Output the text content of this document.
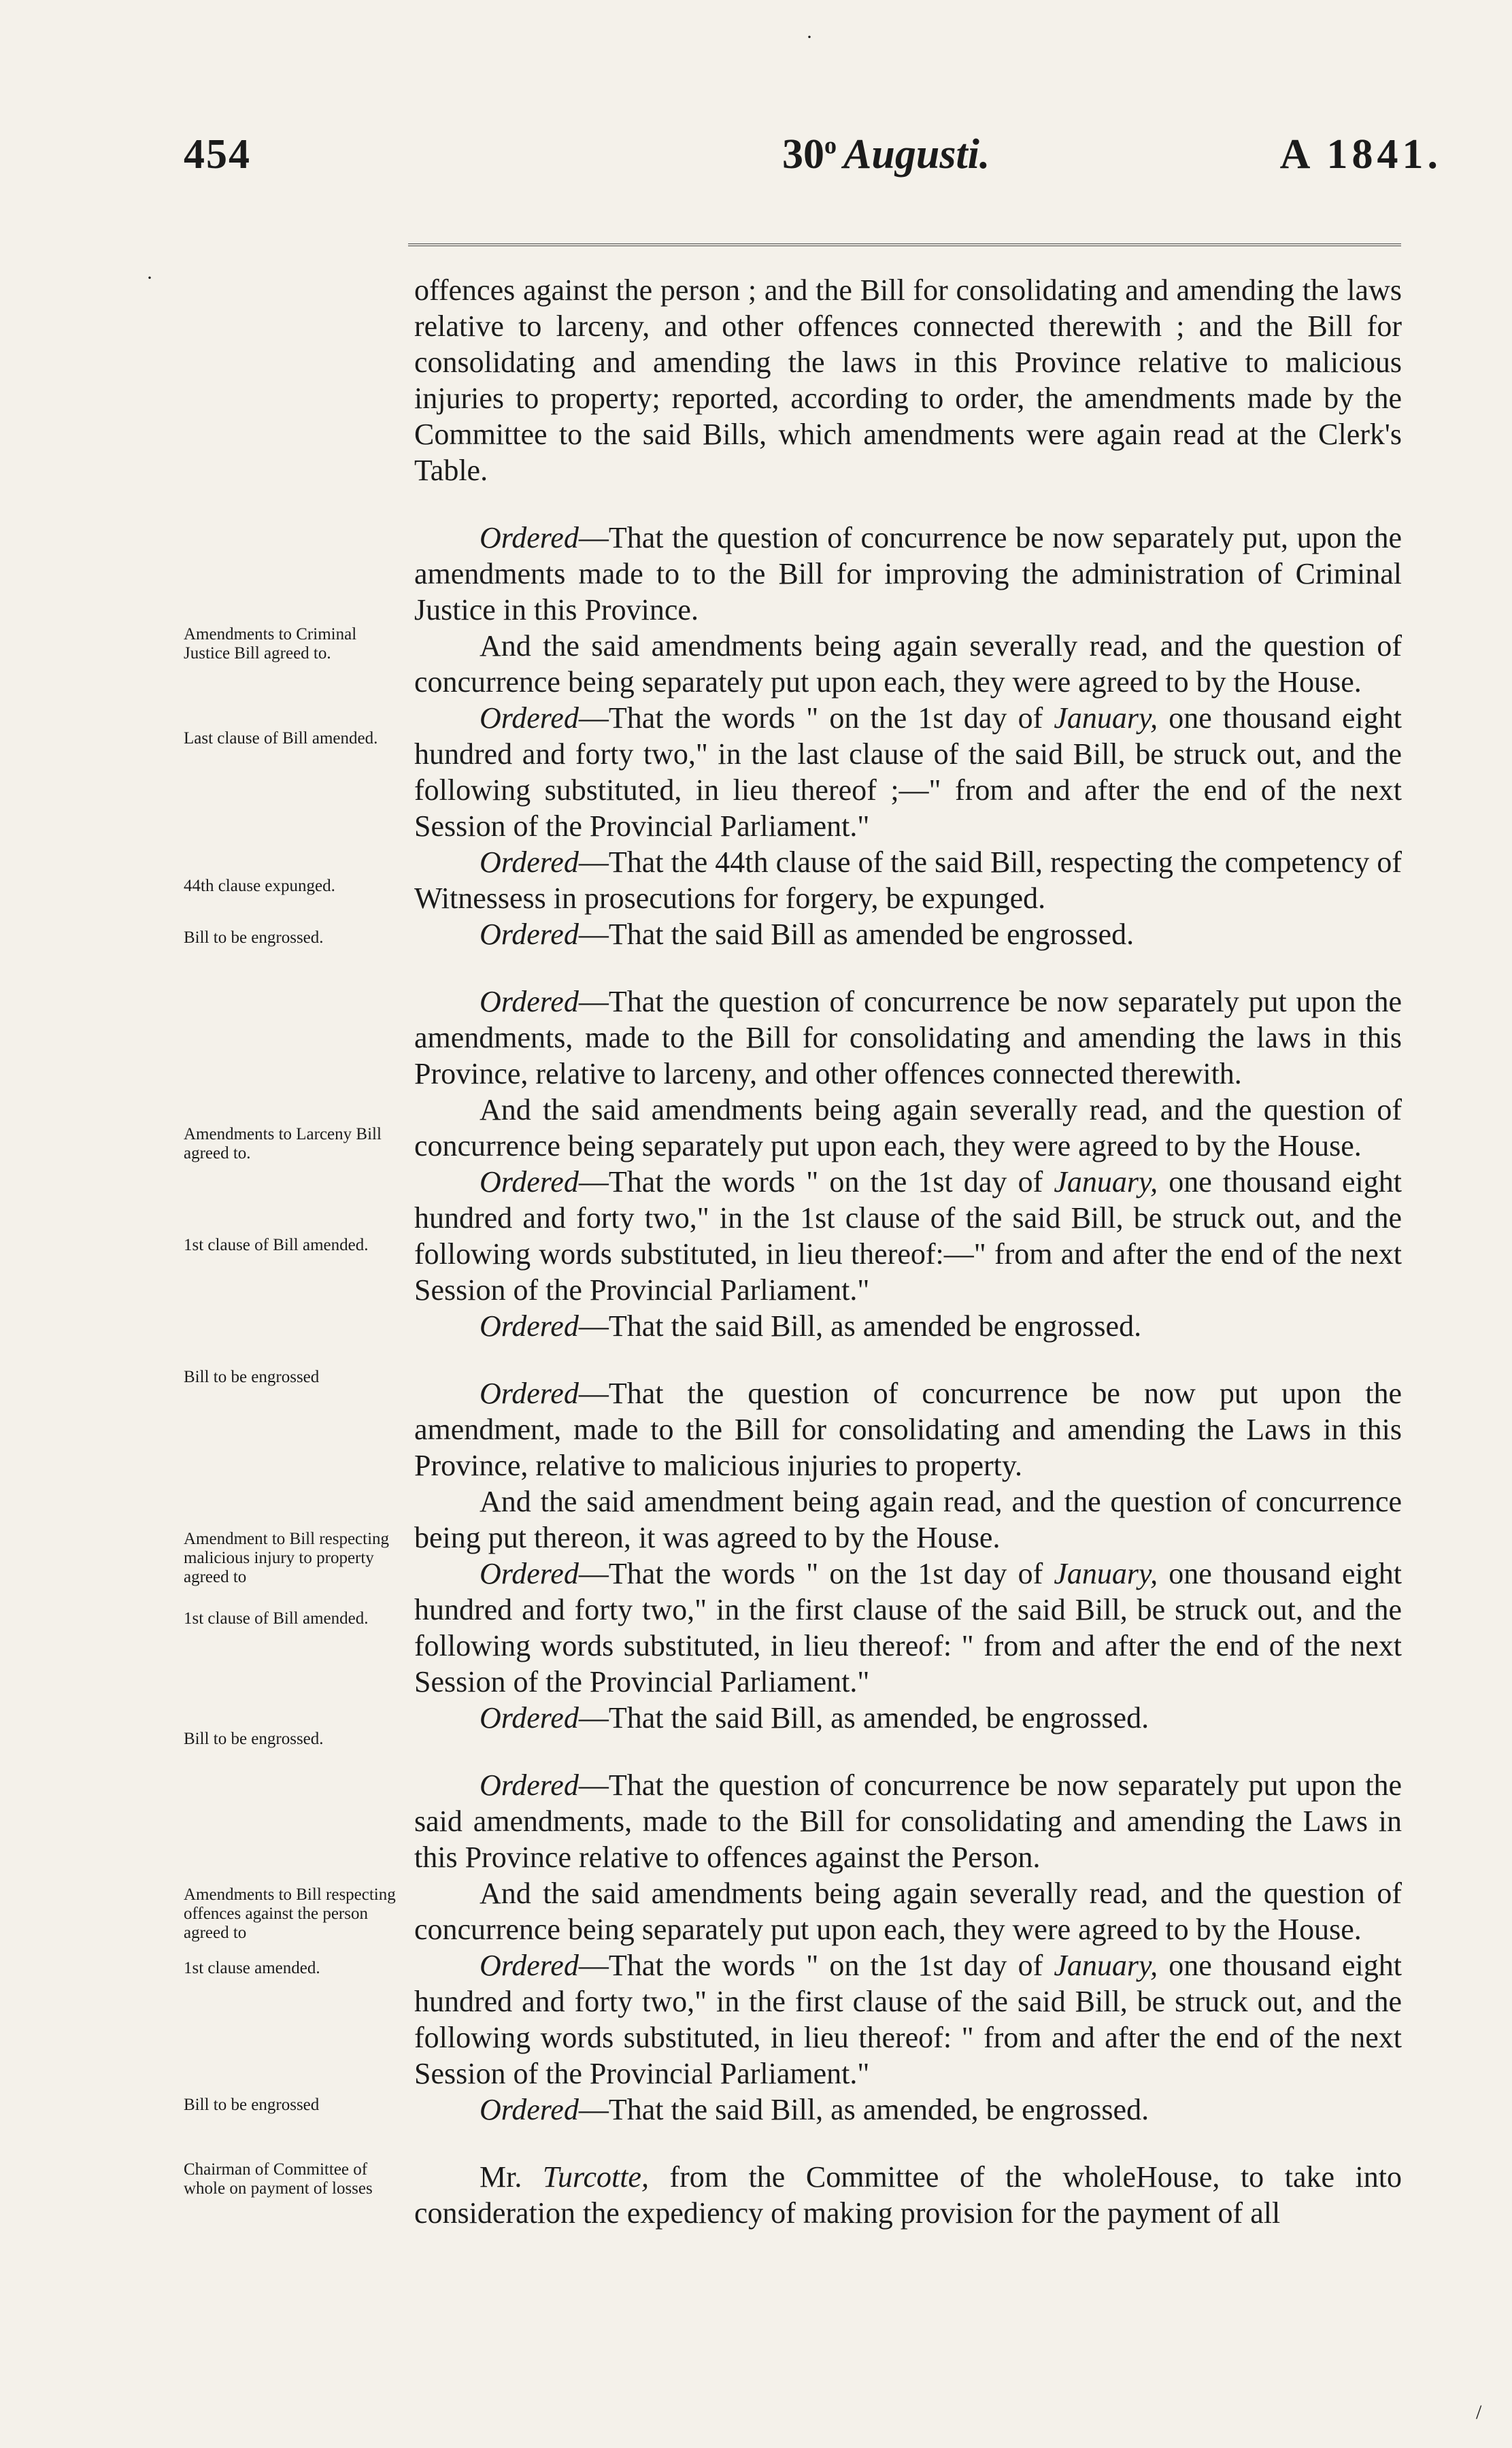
454	30$^o$ Augusti.	A 1841.

offences against the person ; and the Bill for consolidating and amending the laws relative to larceny, and other offences connected therewith ; and the Bill for consolidating and amending the laws in this Province relative to malicious injuries to property; reported, according to order, the amendments made by the Committee to the said Bills, which amendments were again read at the Clerk's Table.

Ordered—That the question of concurrence be now separately put, upon the amendments made to to the Bill for improving the administration of Criminal Justice in this Province.

And the said amendments being again severally read, and the question of concurrence being separately put upon each, they were agreed to by the House.

Ordered—That the words " on the 1st day of January, one thousand eight hundred and forty two," in the last clause of the said Bill, be struck out, and the following substituted, in lieu thereof ;—" from and after the end of the next Session of the Provincial Parliament."

Ordered—That the 44th clause of the said Bill, respecting the competency of Witnessess in prosecutions for forgery, be expunged.

Ordered—That the said Bill as amended be engrossed.

Ordered—That the question of concurrence be now separately put upon the amendments, made to the Bill for consolidating and amending the laws in this Province, relative to larceny, and other offences connected therewith.

And the said amendments being again severally read, and the question of concurrence being separately put upon each, they were agreed to by the House.

Ordered—That the words " on the 1st day of January, one thousand eight hundred and forty two," in the 1st clause of the said Bill, be struck out, and the following words substituted, in lieu thereof:—" from and after the end of the next Session of the Provincial Parliament."

Ordered—That the said Bill, as amended be engrossed.

Ordered—That the question of concurrence be now put upon the amendment, made to the Bill for consolidating and amending the Laws in this Province, relative to malicious injuries to property.

And the said amendment being again read, and the question of concurrence being put thereon, it was agreed to by the House.

Ordered—That the words " on the 1st day of January, one thousand eight hundred and forty two," in the first clause of the said Bill, be struck out, and the following words substituted, in lieu thereof: " from and after the end of the next Session of the Provincial Parliament."

Ordered—That the said Bill, as amended, be engrossed.

Ordered—That the question of concurrence be now separately put upon the said amendments, made to the Bill for consolidating and amending the Laws in this Province relative to offences against the Person.

And the said amendments being again severally read, and the question of concurrence being separately put upon each, they were agreed to by the House.

Ordered—That the words " on the 1st day of January, one thousand eight hundred and forty two," in the first clause of the said Bill, be struck out, and the following words substituted, in lieu thereof: " from and after the end of the next Session of the Provincial Parliament."

Ordered—That the said Bill, as amended, be engrossed.

Mr. Turcotte, from the Committee of the wholeHouse, to take into consideration the expediency of making provision for the payment of all

Amendments to Criminal Justice Bill agreed to.
Last clause of Bill amended.
44th clause expunged.
Bill to be engrossed.
Amendments to Larceny Bill agreed to.
1st clause of Bill amended.
Bill to be engrossed
Amendment to Bill respecting malicious injury to property agreed to
1st clause of Bill amended.
Bill to be engrossed.
Amendments to Bill respecting offences against the person agreed to
1st clause amended.
Bill to be engrossed
Chairman of Committee of whole on payment of losses
·
·
/
